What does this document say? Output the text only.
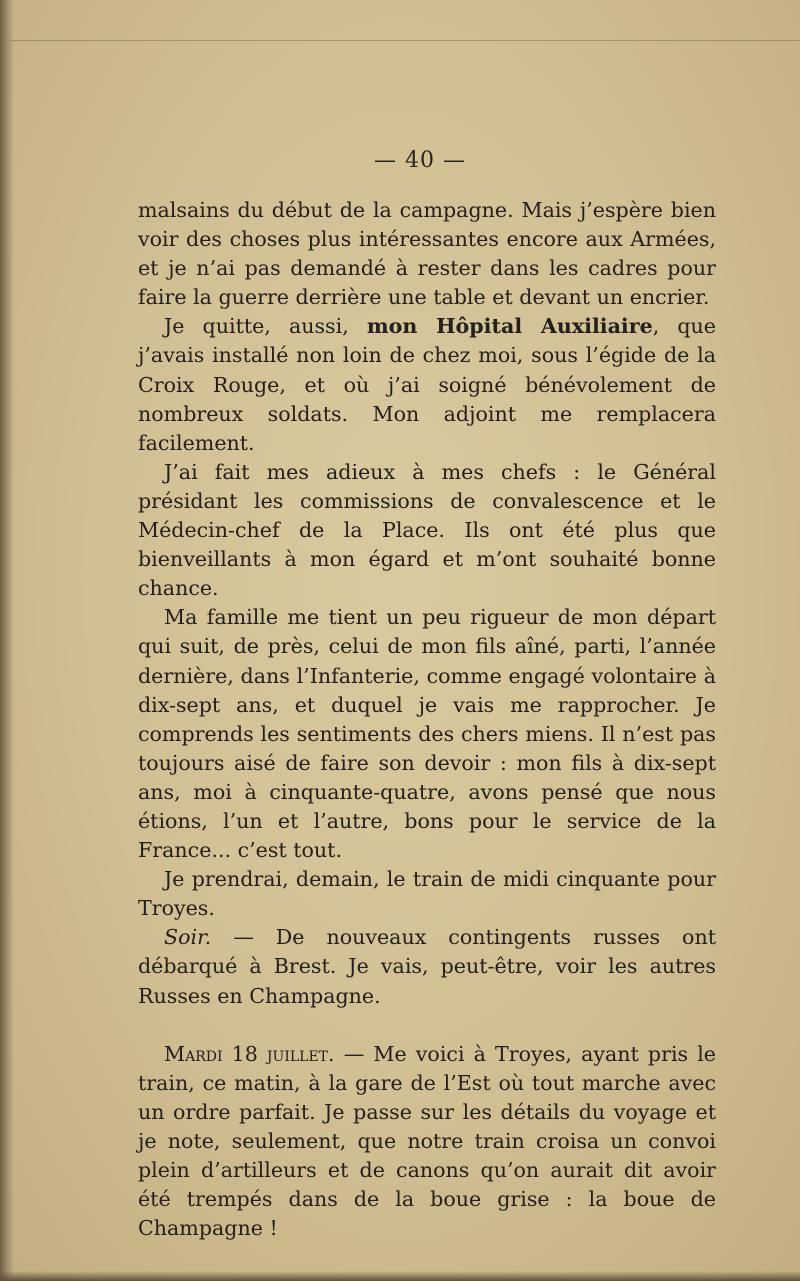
— 40 —

malsains du début de la campagne. Mais j’espère bien voir des choses plus intéressantes encore aux Armées, et je n’ai pas demandé à rester dans les cadres pour faire la guerre derrière une table et devant un encrier.

Je quitte, aussi, mon Hôpital Auxiliaire, que j’avais installé non loin de chez moi, sous l’égide de la Croix Rouge, et où j’ai soigné bénévolement de nombreux soldats. Mon adjoint me remplacera facilement.

J’ai fait mes adieux à mes chefs : le Général présidant les commissions de convalescence et le Médecin-chef de la Place. Ils ont été plus que bienveillants à mon égard et m’ont souhaité bonne chance.

Ma famille me tient un peu rigueur de mon départ qui suit, de près, celui de mon fils aîné, parti, l’année dernière, dans l’Infanterie, comme engagé volontaire à dix-sept ans, et duquel je vais me rapprocher. Je comprends les sentiments des chers miens. Il n’est pas toujours aisé de faire son devoir : mon fils à dix-sept ans, moi à cinquante-quatre, avons pensé que nous étions, l’un et l’autre, bons pour le service de la France... c’est tout.

Je prendrai, demain, le train de midi cinquante pour Troyes.

Soir. — De nouveaux contingents russes ont débarqué à Brest. Je vais, peut-être, voir les autres Russes en Champagne.

Mardi 18 juillet. — Me voici à Troyes, ayant pris le train, ce matin, à la gare de l’Est où tout marche avec un ordre parfait. Je passe sur les détails du voyage et je note, seulement, que notre train croisa un convoi plein d’artilleurs et de canons qu’on aurait dit avoir été trempés dans de la boue grise : la boue de Champagne !
